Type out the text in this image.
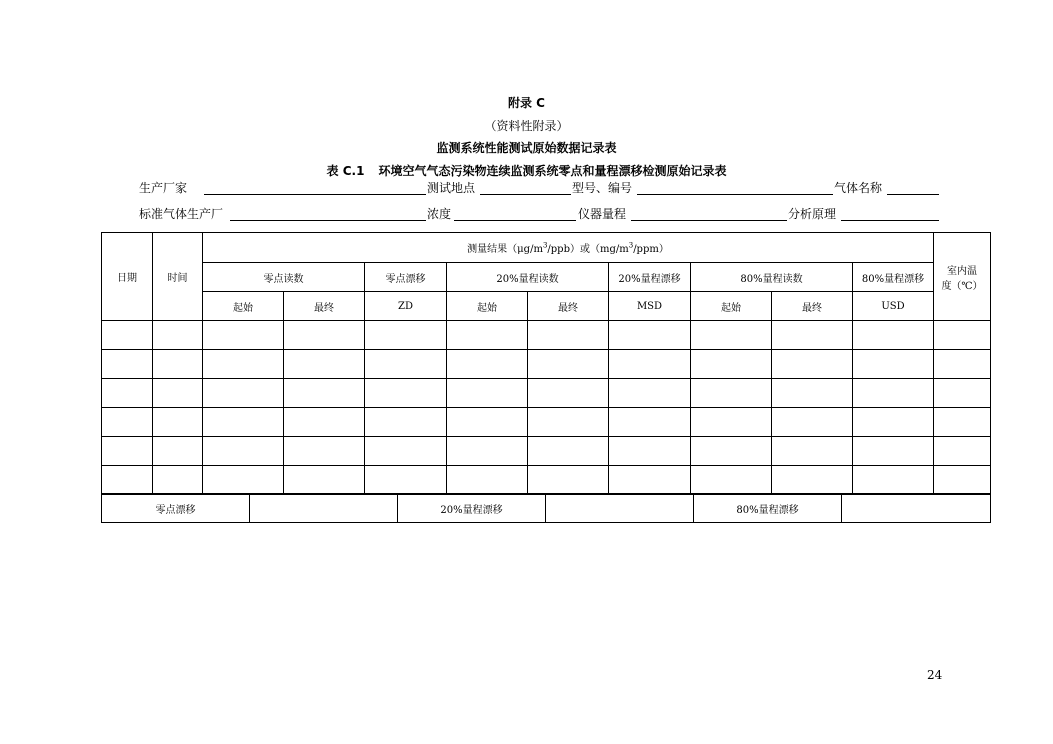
附录 C
（资料性附录）
监测系统性能测试原始数据记录表
表 C.1 环境空气气态污染物连续监测系统零点和量程漂移检测原始记录表
生产厂家	测试地点	型号、编号	气体名称
标准气体生产厂	浓度	仪器量程	分析原理
日期	时间	测量结果$(\mu g/m^3/ppb)$或$(mg/m^3/ppm)$									室内温
度（℃）
		零点读数		零点漂移	20%量程读数		20%量程漂移	80%量程读数		80%量程漂移	
		起始	最终	ZD	起始	最终	MSD	起始	最终	USD	

零点漂移		20%量程漂移		80%量程漂移	
24
